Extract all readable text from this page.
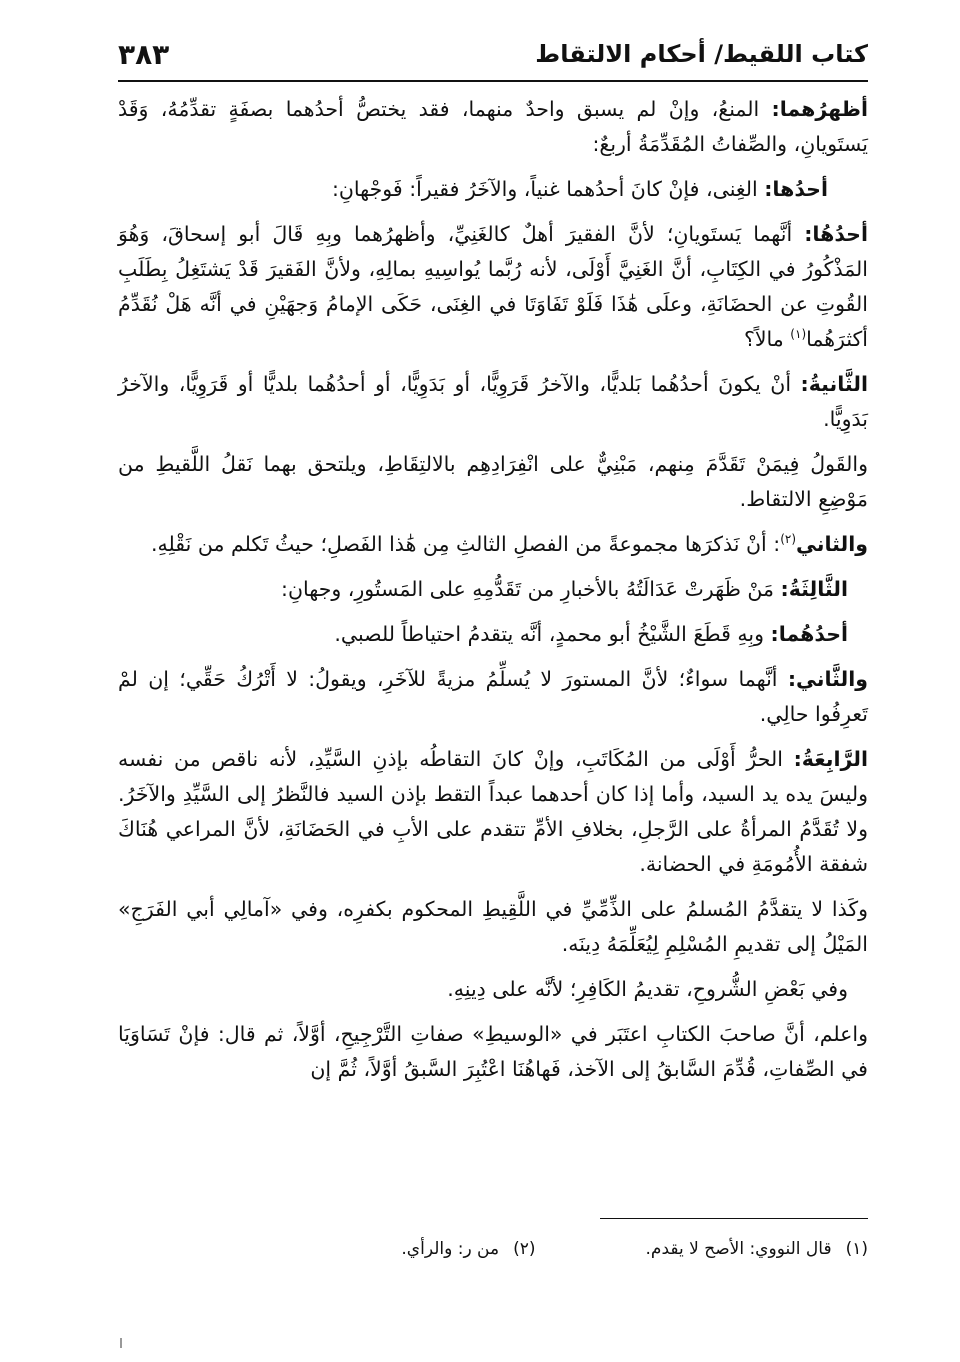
كتاب اللقيط/ أحكام الالتقاط
٣٨٣

أظهرُهما: المنعُ، وإنْ لم يسبق واحدٌ منهما، فقد يختصُّ أحدُهما بصفَةٍ تقدِّمُهُ، وَقَدْ يَستَويانِ، والصِّفاتُ المُقَدِّمَةُ أربعٌ:

أحدُها: الغِنى، فإنْ كانَ أحدُهما غنياً، والآخَرُ فقيراً: فَوجْهانِ:

أحدُهُا: أنَّهما يَستَويانِ؛ لأنَّ الفقيرَ أهلٌ كالغَنِيِّ، وأظهرُهما وبِهِ قَالَ أبو إسحاقَ، وَهُوَ المَذْكُورُ في الكِتَابِ، أنَّ الغَنِيَّ أَوْلَى، لأنه رُبَّما يُواسِيهِ بمالِهِ، ولأنَّ الفَقيرَ قَدْ يَشتَغِلُ بِطَلَبِ القُوتِ عن الحضَانَةِ، وعلَى هَٰذَا فَلَوْ تَفَاوَتَا في الغِنَى، حَكَى الإمامُ وَجهَيْنِ في أنَّه هَلْ نُقَدِّمُ أكثرَهُما$^{(١)}$ مالاً؟

الثَّانيةُ: أنْ يكونَ أحدُهُما بَلديًّا، والآخرُ قَرَوِيًّا، أو بَدَوِيًّا، أو أحدُهُما بلديًّا أو قَرَوِيًّا، والآخرُ بَدَوِيًّا.

والقَولُ فِيمَنْ تَقَدَّمَ مِنهم، مَبْنِيٌّ على انْفِرَادِهِم بالالتِقَاطِ، ويلتحق بهما نَقلُ اللَّقيطِ من مَوْضِعِ الالتقاط.

والثاني$^{(٢)}$: أنْ نَذكرَها مجموعةً من الفصلِ الثالثِ مِن هَٰذا الفَصلِ؛ حيثُ تَكلم من نَقْلِهِ.

الثَّالِثَةُ: مَنْ ظَهَرتْ عَدَالَتُهُ بالأخبارِ من تَقَدُّمِهِ على المَستُورِ، وجهانِ:

أحدُهُما: وبِهِ قَطَعَ الشَّيْخُ أبو محمدٍ، أنَّه يتقدمُ احتياطاً للصبي.

والثَّاني: أنَّهما سواءٌ؛ لأنَّ المستورَ لا يُسلِّمُ مزيةً للآخَرِ، ويقولُ: لا أَتْرُكُ حَقِّي؛ إن لمْ تَعرِفُوا حالِي.

الرَّابِعَةُ: الحرُّ أَوْلَى من المُكَاتَبِ، وإنْ كانَ التقاطُه بإذنِ السَّيِّدِ، لأنه ناقص من نفسه وليسَ يده يد السيد، وأما إذا كان أحدهما عبداً التقط بإذن السيد فالنَّظرُ إلى السَّيِّدِ والآخَرُ. ولا تُقَدَّمُ المرأةُ على الرَّجلِ، بخلافِ الأمِّ تتقدم على الأبِ في الحَضَانَةِ، لأنَّ المراعي هُنَاكَ شفقة الأُمُومَةِ في الحضانة.

وكَذا لا يتقدَّمُ المُسلمُ على الذِّمِّيِّ في اللَّقِيطِ المحكوم بكفرِه، وفي «آمالِي أبي الفَرَجِ» المَيْلُ إلى تقديمِ المُسْلِمِ لِيُعَلِّمَهُ دِينَه.

وفي بَعْضِ الشُّروحِ، تقديمُ الكَافِرِ؛ لأنَّه على دِينِهِ.

واعلم، أنَّ صاحبَ الكتابِ اعتَبَر في «الوسيطِ» صفاتِ التَّرْجِيحِ، أوَّلاً، ثم قال: فإنْ تَسَاوَيَا في الصِّفاتِ، قُدِّمَ السَّابقُ إلى الآخذ، فَهاهُنَا اعْتُبِرَ السَّبقُ أوَّلاً، ثُمَّ إن

(١)قال النووي: الأصح لا يقدم.
(٢)من ر: والرأي.
